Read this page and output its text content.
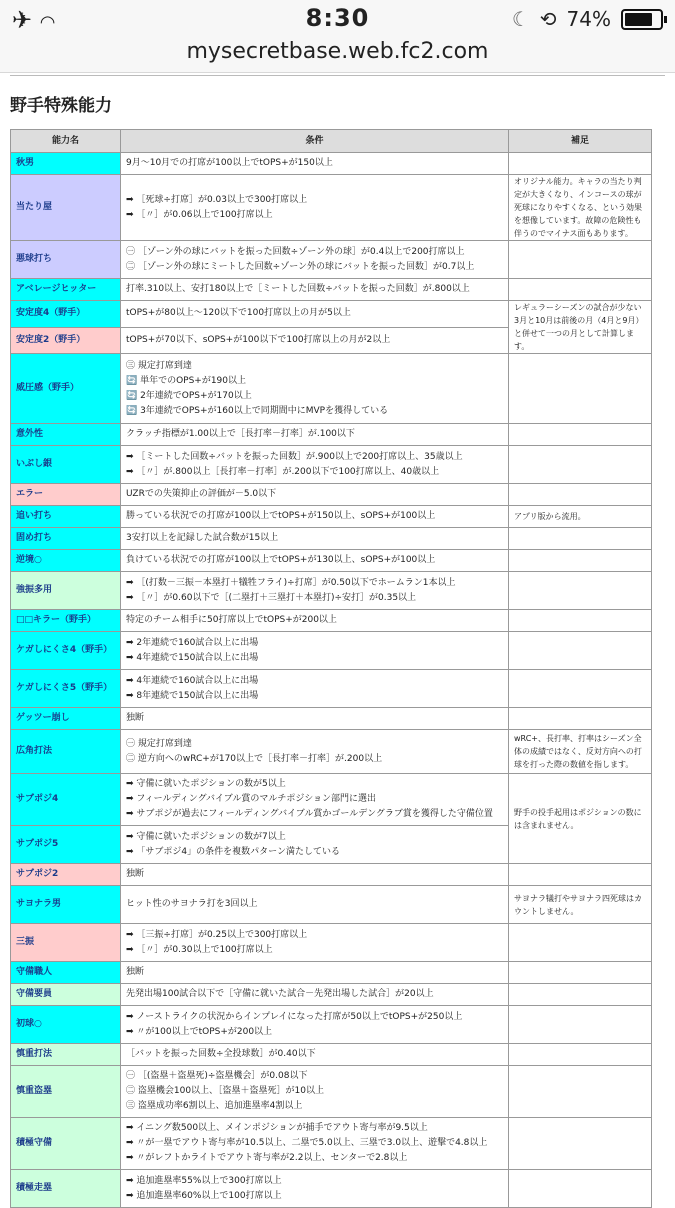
✈ ◠	8:30	☾ ⟲ 74%
mysecretbase.web.fc2.com
野手特殊能力
能力名	条件	補足
秋男	9月～10月での打席が100以上でtOPS+が150以上	

当たり屋	➡ ［死球÷打席］が0.03以上で300打席以上
➡ ［〃］が0.06以上で100打席以上	オリジナル能力。キャラの当たり判定が大きくなり、インコースの球が死球になりやすくなる、という効果を想像しています。故障の危険性も伴うのでマイナス面もあります。
悪球打ち	㊀ ［ゾーン外の球にバットを振った回数÷ゾーン外の球］が0.4以上で200打席以上
㊁ ［ゾーン外の球にミートした回数÷ゾーン外の球にバットを振った回数］が0.7以上	

アベレージヒッター	打率.310以上、安打180以上で［ミートした回数÷バットを振った回数］が.800以上	

安定度4（野手）	tOPS+が80以上～120以下で100打席以上の月が5以上	レギュラーシーズンの試合が少ない3月と10月は前後の月（4月と9月）と併せて一つの月として計算します。
安定度2（野手）	tOPS+が70以下、sOPS+が100以下で100打席以上の月が2以上	

威圧感（野手）	㊂ 規定打席到達
🔄 単年でのOPS+が190以上
🔄 2年連続でOPS+が170以上
🔄 3年連続でOPS+が160以上で同期間中にMVPを獲得している	

意外性	クラッチ指標が1.00以上で［長打率－打率］が.100以下	

いぶし銀	➡ ［ミートした回数÷バットを振った回数］が.900以上で200打席以上、35歳以上
➡ ［〃］が.800以上［長打率－打率］が.200以下で100打席以上、40歳以上	

エラー	UZRでの失策抑止の評価が－5.0以下	

追い打ち	勝っている状況での打席が100以上でtOPS+が150以上、sOPS+が100以上	アプリ版から流用。
固め打ち	3安打以上を記録した試合数が15以上	

逆境○	負けている状況での打席が100以上でtOPS+が130以上、sOPS+が100以上	

強振多用	➡ ［(打数－三振－本塁打＋犠牲フライ)÷打席］が0.50以下でホームラン1本以上
➡ ［〃］が0.60以下で［(二塁打＋三塁打＋本塁打)÷安打］が0.35以上	

□□キラー（野手）	特定のチーム相手に50打席以上でtOPS+が200以上	

ケガしにくさ4（野手）	➡ 2年連続で160試合以上に出場
➡ 4年連続で150試合以上に出場	

ケガしにくさ5（野手）	➡ 4年連続で160試合以上に出場
➡ 8年連続で150試合以上に出場	

ゲッツー崩し	独断	

広角打法	㊀ 規定打席到達
㊁ 逆方向へのwRC+が170以上で［長打率－打率］が.200以上	wRC+、長打率、打率はシーズン全体の成績ではなく、反対方向への打球を打った際の数値を指します。
サブポジ4	➡ 守備に就いたポジションの数が5以上
➡ フィールディングバイブル賞のマルチポジション部門に選出
➡ サブポジが過去にフィールディングバイブル賞かゴールデングラブ賞を獲得した守備位置	野手の投手起用はポジションの数には含まれません。
サブポジ5	➡ 守備に就いたポジションの数が7以上
➡ 「サブポジ4」の条件を複数パターン満たしている	

サブポジ2	独断	

サヨナラ男	ヒット性のサヨナラ打を3回以上	サヨナラ犠打やサヨナラ四死球はカウントしません。
三振	➡ ［三振÷打席］が0.25以上で300打席以上
➡ ［〃］が0.30以上で100打席以上	

守備職人	独断	

守備要員	先発出場100試合以下で［守備に就いた試合－先発出場した試合］が20以上	

初球○	➡ ノーストライクの状況からインプレイになった打席が50以上でtOPS+が250以上
➡ 〃が100以上でtOPS+が200以上	

慎重打法	［バットを振った回数÷全投球数］が0.40以下	

慎重盗塁	㊀ ［(盗塁＋盗塁死)÷盗塁機会］が0.08以下
㊁ 盗塁機会100以上、［盗塁＋盗塁死］が10以上
㊂ 盗塁成功率6割以上、追加進塁率4割以上	

積極守備	➡ イニング数500以上、メインポジションが捕手でアウト寄与率が9.5以上
➡ 〃が一塁でアウト寄与率が10.5以上、二塁で5.0以上、三塁で3.0以上、遊撃で4.8以上
➡ 〃がレフトかライトでアウト寄与率が2.2以上、センターで2.8以上	

積極走塁	➡ 追加進塁率55%以上で300打席以上
➡ 追加進塁率60%以上で100打席以上	
